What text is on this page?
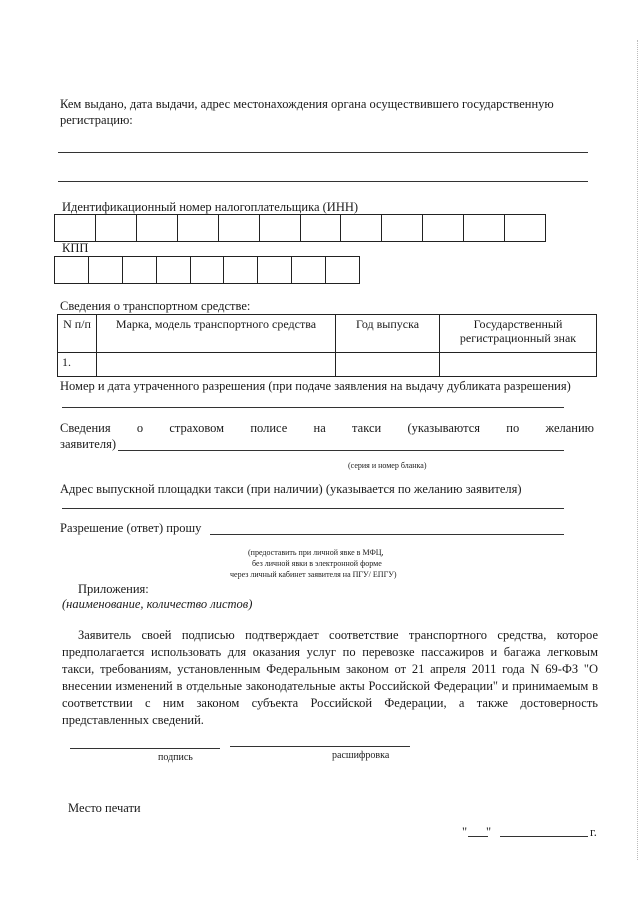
Кем выдано, дата выдачи, адрес местонахождения органа осуществившего государственную
регистрацию:
Идентификационный номер налогоплательщика (ИНН)
КПП
Сведения о транспортном средстве:
N п/п	Марка, модель транспортного средства	Год выпуска	Государственный регистрационный знак
1.			
Номер и дата утраченного разрешения (при подаче заявления на выдачу дубликата разрешения)
Сведения о страховом полисе на такси (указываются по желанию
заявителя)
(серия и номер бланка)
Адрес выпускной площадки такси (при наличии) (указывается по желанию заявителя)
Разрешение (ответ) прошу
(предоставить при личной явке в МФЦ,
без личной явки в электронной форме
через личный кабинет заявителя на ПГУ/ ЕПГУ)
Приложения:
(наименование, количество листов)
Заявитель своей подписью подтверждает соответствие транспортного средства, которое предполагается использовать для оказания услуг по перевозке пассажиров и багажа легковым такси, требованиям, установленным Федеральным законом от 21 апреля 2011 года N 69-ФЗ "О внесении изменений в отдельные законодательные акты Российской Федерации" и принимаемым в соответствии с ним законом субъекта Российской Федерации, а также достоверность представленных сведений.
подпись	расшифровка
Место печати
" "	г.
